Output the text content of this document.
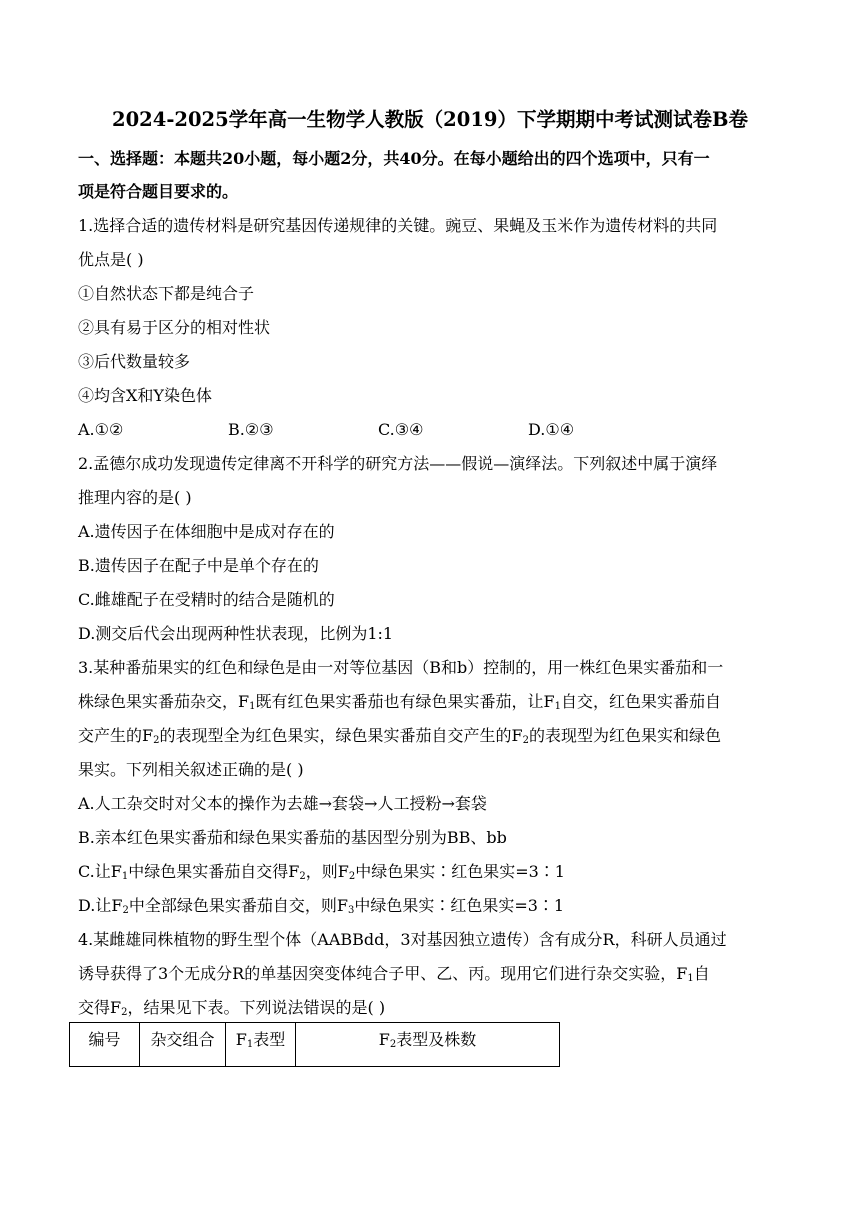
2024-2025学年高一生物学人教版（2019）下学期期中考试测试卷B卷
一、选择题：本题共20小题，每小题2分，共40分。在每小题给出的四个选项中，只有一
项是符合题目要求的。
1.选择合适的遗传材料是研究基因传递规律的关键。豌豆、果蝇及玉米作为遗传材料的共同
优点是( )
①自然状态下都是纯合子
②具有易于区分的相对性状
③后代数量较多
④均含X和Y染色体
A.①②	B.②③	C.③④	D.①④
2.孟德尔成功发现遗传定律离不开科学的研究方法——假说—演绎法。下列叙述中属于演绎
推理内容的是( )
A.遗传因子在体细胞中是成对存在的
B.遗传因子在配子中是单个存在的
C.雌雄配子在受精时的结合是随机的
D.测交后代会出现两种性状表现，比例为1:1
3.某种番茄果实的红色和绿色是由一对等位基因（B和b）控制的，用一株红色果实番茄和一
株绿色果实番茄杂交，$F_1$既有红色果实番茄也有绿色果实番茄，让$F_1$自交，红色果实番茄自
交产生的$F_2$的表现型全为红色果实，绿色果实番茄自交产生的$F_2$的表现型为红色果实和绿色
果实。下列相关叙述正确的是( )
A.人工杂交时对父本的操作为去雄→套袋→人工授粉→套袋
B.亲本红色果实番茄和绿色果实番茄的基因型分别为BB、bb
C.让$F_1$中绿色果实番茄自交得$F_2$，则$F_2$中绿色果实∶红色果实=3∶1
D.让$F_2$中全部绿色果实番茄自交，则$F_3$中绿色果实∶红色果实=3∶1
4.某雌雄同株植物的野生型个体（AABBdd，3对基因独立遗传）含有成分R，科研人员通过
诱导获得了3个无成分R的单基因突变体纯合子甲、乙、丙。现用它们进行杂交实验，$F_1$自
交得$F_2$，结果见下表。下列说法错误的是( )
编号	杂交组合	$F_1$表型	$F_2$表型及株数
